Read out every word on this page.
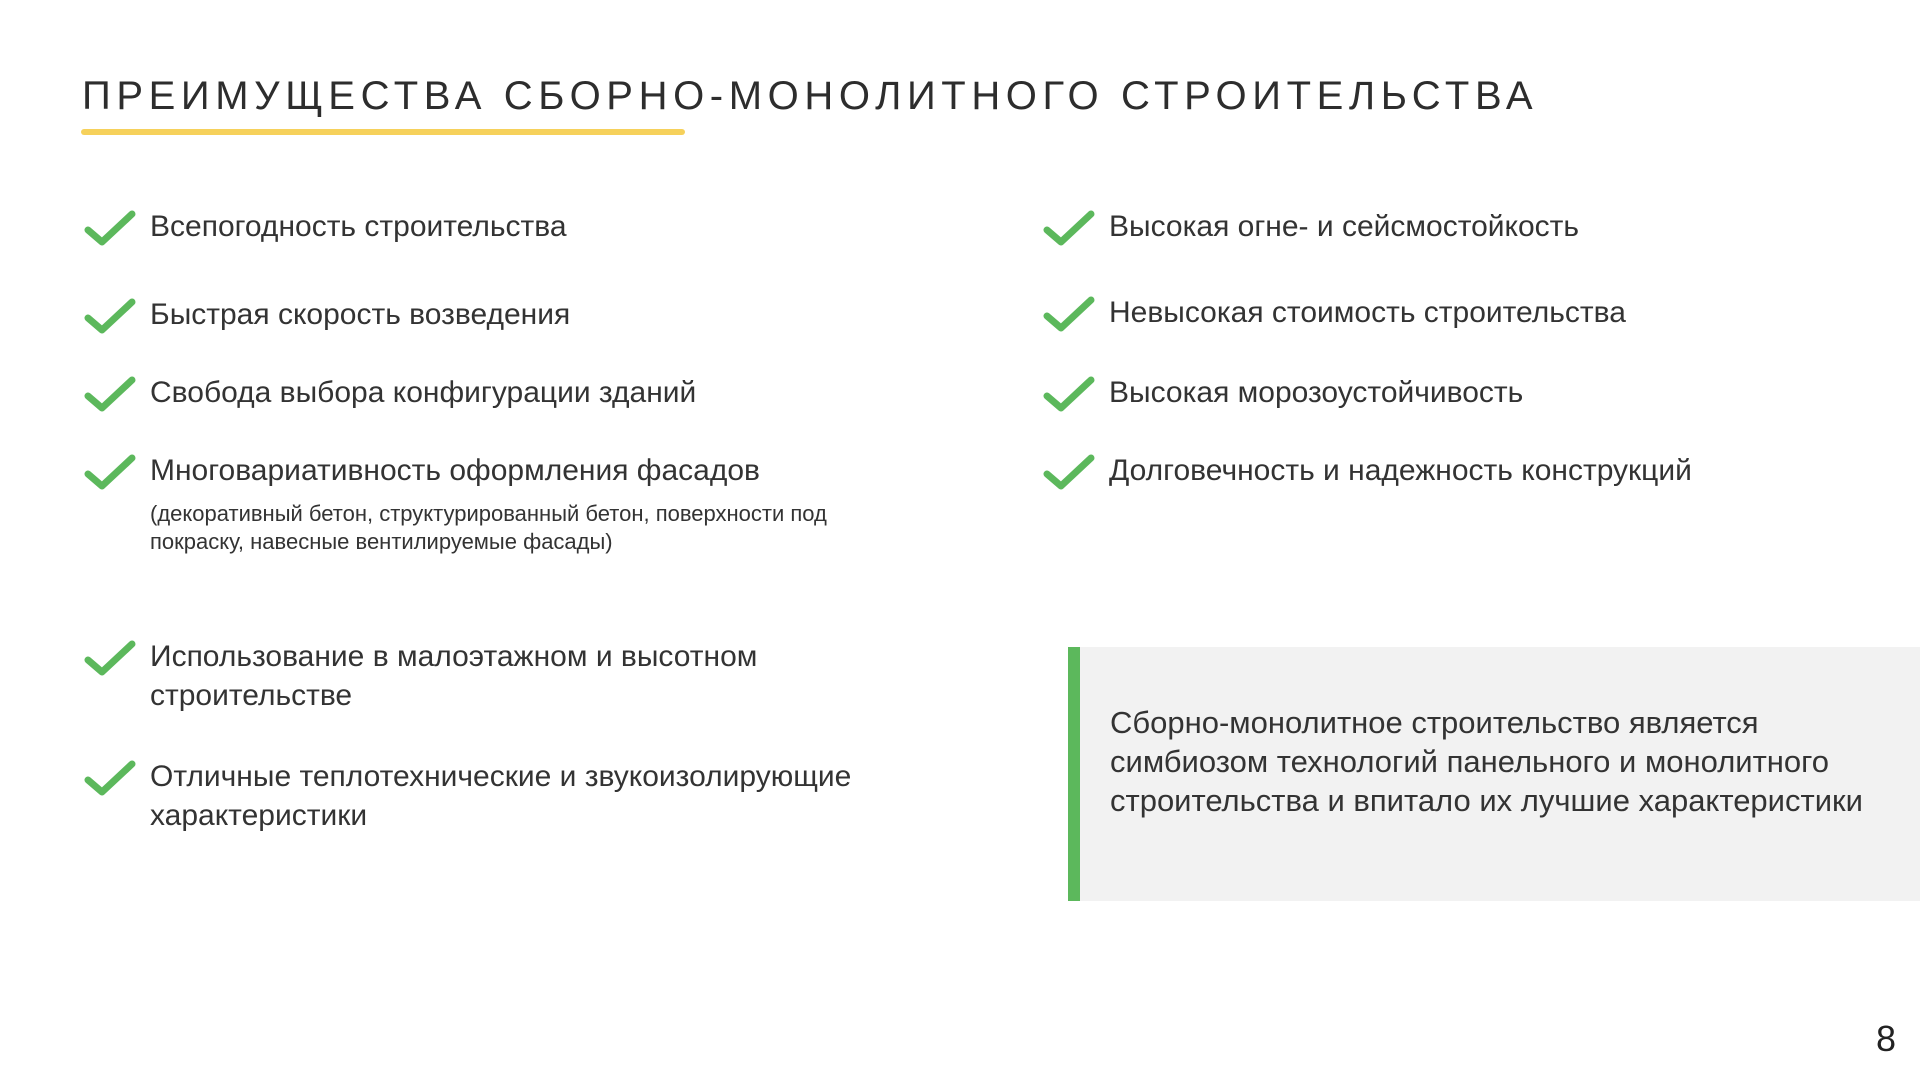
ПРЕИМУЩЕСТВА СБОРНО-МОНОЛИТНОГО СТРОИТЕЛЬСТВА
Всепогодность строительства
Быстрая скорость возведения
Свобода выбора конфигурации зданий
Многовариативность оформления фасадов
(декоративный бетон, структурированный бетон, поверхности под покраску, навесные вентилируемые фасады)
Использование в малоэтажном и высотном строительстве
Отличные теплотехнические и звукоизолирующие характеристики
Высокая огне- и сейсмостойкость
Невысокая стоимость строительства
Высокая морозоустойчивость
Долговечность и надежность конструкций
Сборно-монолитное строительство является симбиозом технологий панельного и монолитного строительства и впитало их лучшие характеристики
8
